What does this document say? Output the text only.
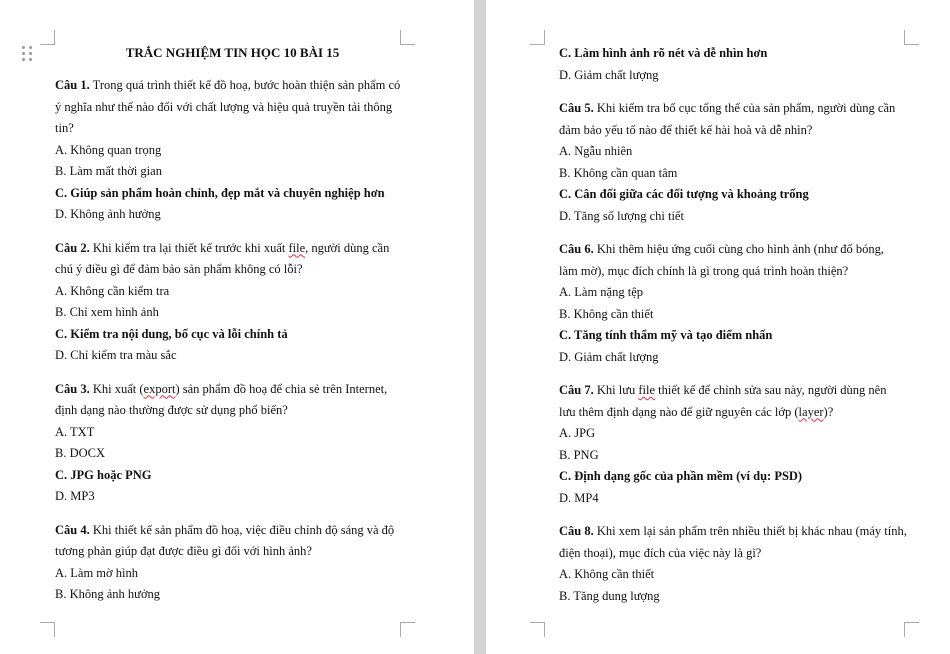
TRẮC NGHIỆM TIN HỌC 10 BÀI 15
Câu 1. Trong quá trình thiết kế đồ hoạ, bước hoàn thiện sản phẩm có
ý nghĩa như thế nào đối với chất lượng và hiệu quả truyền tải thông
tin?
A. Không quan trọng
B. Làm mất thời gian
C. Giúp sản phẩm hoàn chỉnh, đẹp mắt và chuyên nghiệp hơn
D. Không ảnh hưởng
Câu 2. Khi kiểm tra lại thiết kế trước khi xuất file, người dùng cần
chú ý điều gì để đảm bảo sản phẩm không có lỗi?
A. Không cần kiểm tra
B. Chỉ xem hình ảnh
C. Kiểm tra nội dung, bố cục và lỗi chính tả
D. Chỉ kiểm tra màu sắc
Câu 3. Khi xuất (export) sản phẩm đồ hoạ để chia sẻ trên Internet,
định dạng nào thường được sử dụng phổ biến?
A. TXT
B. DOCX
C. JPG hoặc PNG
D. MP3
Câu 4. Khi thiết kế sản phẩm đồ hoạ, việc điều chỉnh độ sáng và độ
tương phản giúp đạt được điều gì đối với hình ảnh?
A. Làm mờ hình
B. Không ảnh hưởng
C. Làm hình ảnh rõ nét và dễ nhìn hơn
D. Giảm chất lượng
Câu 5. Khi kiểm tra bố cục tổng thể của sản phẩm, người dùng cần
đảm bảo yếu tố nào để thiết kế hài hoà và dễ nhìn?
A. Ngẫu nhiên
B. Không cần quan tâm
C. Cân đối giữa các đối tượng và khoảng trống
D. Tăng số lượng chi tiết
Câu 6. Khi thêm hiệu ứng cuối cùng cho hình ảnh (như đổ bóng,
làm mờ), mục đích chính là gì trong quá trình hoàn thiện?
A. Làm nặng tệp
B. Không cần thiết
C. Tăng tính thẩm mỹ và tạo điểm nhấn
D. Giảm chất lượng
Câu 7. Khi lưu file thiết kế để chỉnh sửa sau này, người dùng nên
lưu thêm định dạng nào để giữ nguyên các lớp (layer)?
A. JPG
B. PNG
C. Định dạng gốc của phần mềm (ví dụ: PSD)
D. MP4
Câu 8. Khi xem lại sản phẩm trên nhiều thiết bị khác nhau (máy tính,
điện thoại), mục đích của việc này là gì?
A. Không cần thiết
B. Tăng dung lượng
